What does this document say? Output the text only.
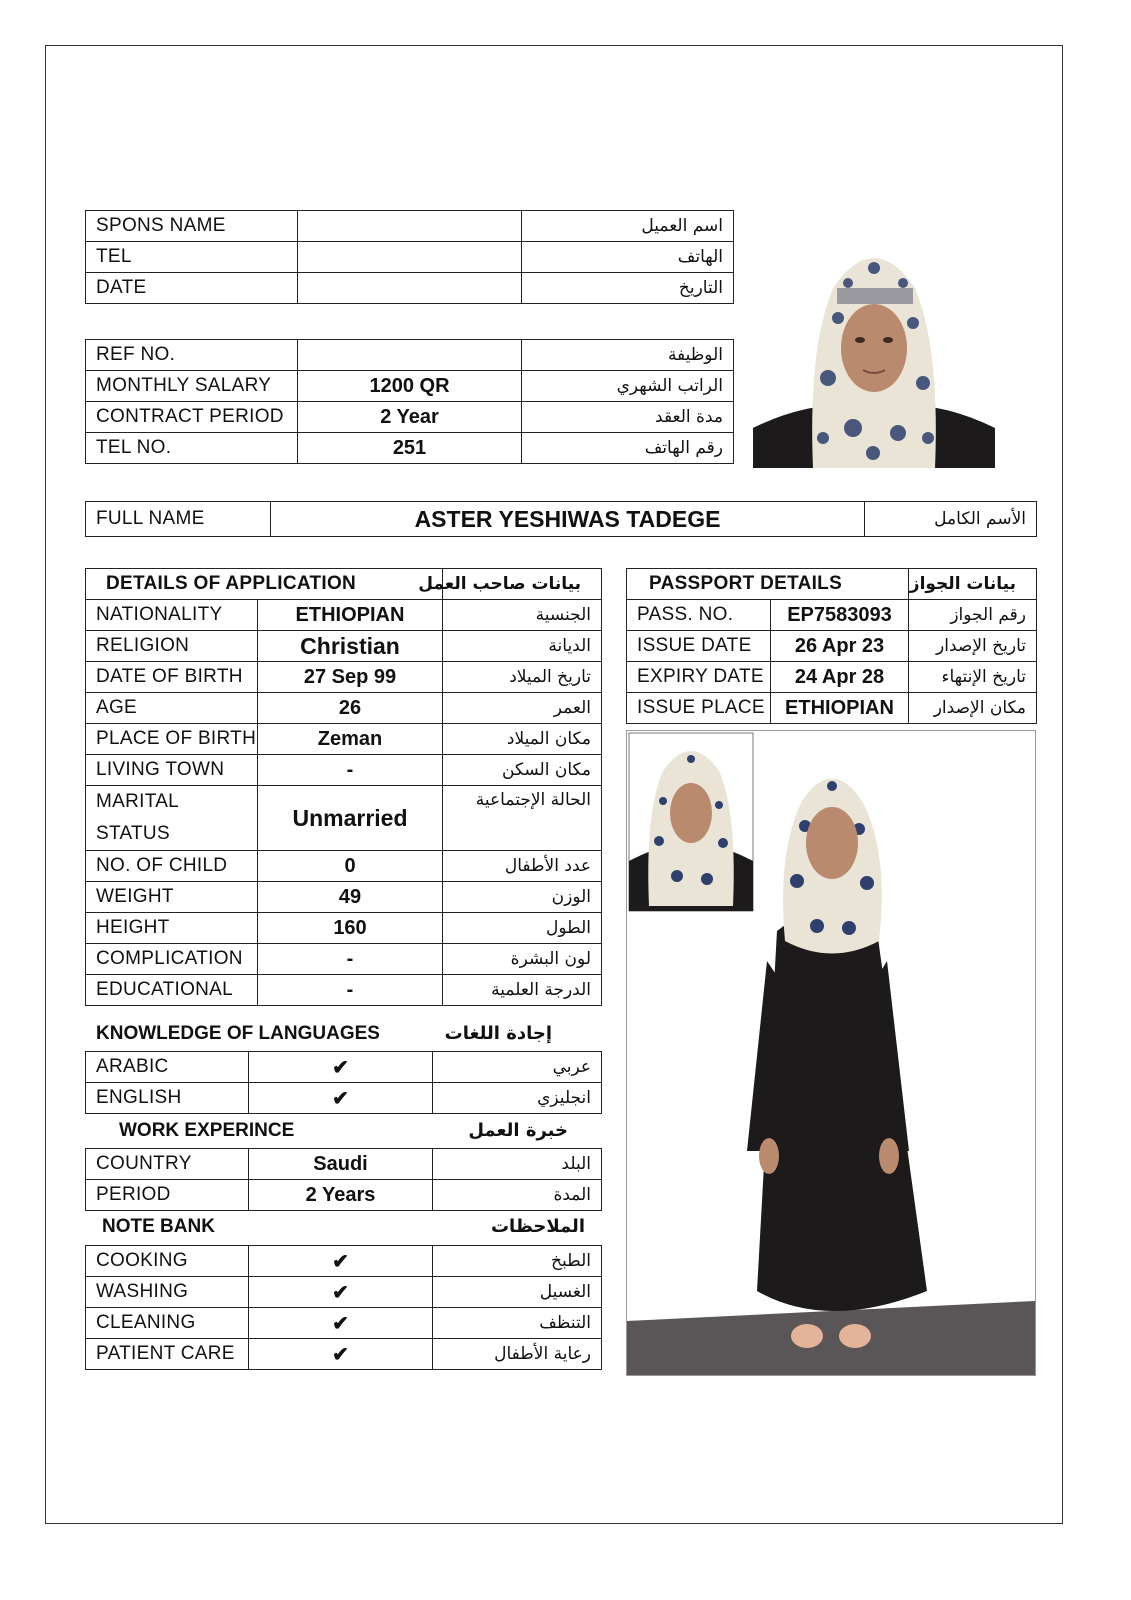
SPONS NAME		اسم العميل
TEL		الهاتف
DATE		التاريخ
REF NO.		الوظيفة
MONTHLY SALARY	1200 QR	الراتب الشهري
CONTRACT PERIOD	2 Year	مدة العقد
TEL NO.	251	رقم الهاتف
FULL NAME	ASTER YESHIWAS TADEGE	الأسم الكامل
DETAILS OF APPLICATION		بيانات صاحب العمل
NATIONALITY	ETHIOPIAN	الجنسية
RELIGION	Christian	الديانة
DATE OF BIRTH	27 Sep 99	تاريخ الميلاد
AGE	26	العمر
PLACE OF BIRTH	Zeman	مكان الميلاد
LIVING TOWN	-	مكان السكن
MARITAL
STATUS	Unmarried	الحالة الإجتماعية
NO. OF CHILD	0	عدد الأطفال
WEIGHT	49	الوزن
HEIGHT	160	الطول
COMPLICATION	-	لون البشرة
EDUCATIONAL	-	الدرجة العلمية
KNOWLEDGE OF LANGUAGES	إجادة اللغات
ARABIC	✔	عربي
ENGLISH	✔	انجليزي
WORK EXPERINCE	خبرة العمل
COUNTRY	Saudi	البلد
PERIOD	2 Years	المدة
NOTE BANK	الملاحظات
COOKING	✔	الطبخ
WASHING	✔	الغسيل
CLEANING	✔	التنظف
PATIENT CARE	✔	رعاية الأطفال
PASSPORT DETAILS		بيانات الجواز
PASS. NO.	EP7583093	رقم الجواز
ISSUE DATE	26 Apr 23	تاريخ الإصدار
EXPIRY DATE	24 Apr 28	تاريخ الإنتهاء
ISSUE PLACE	ETHIOPIAN	مكان الإصدار
